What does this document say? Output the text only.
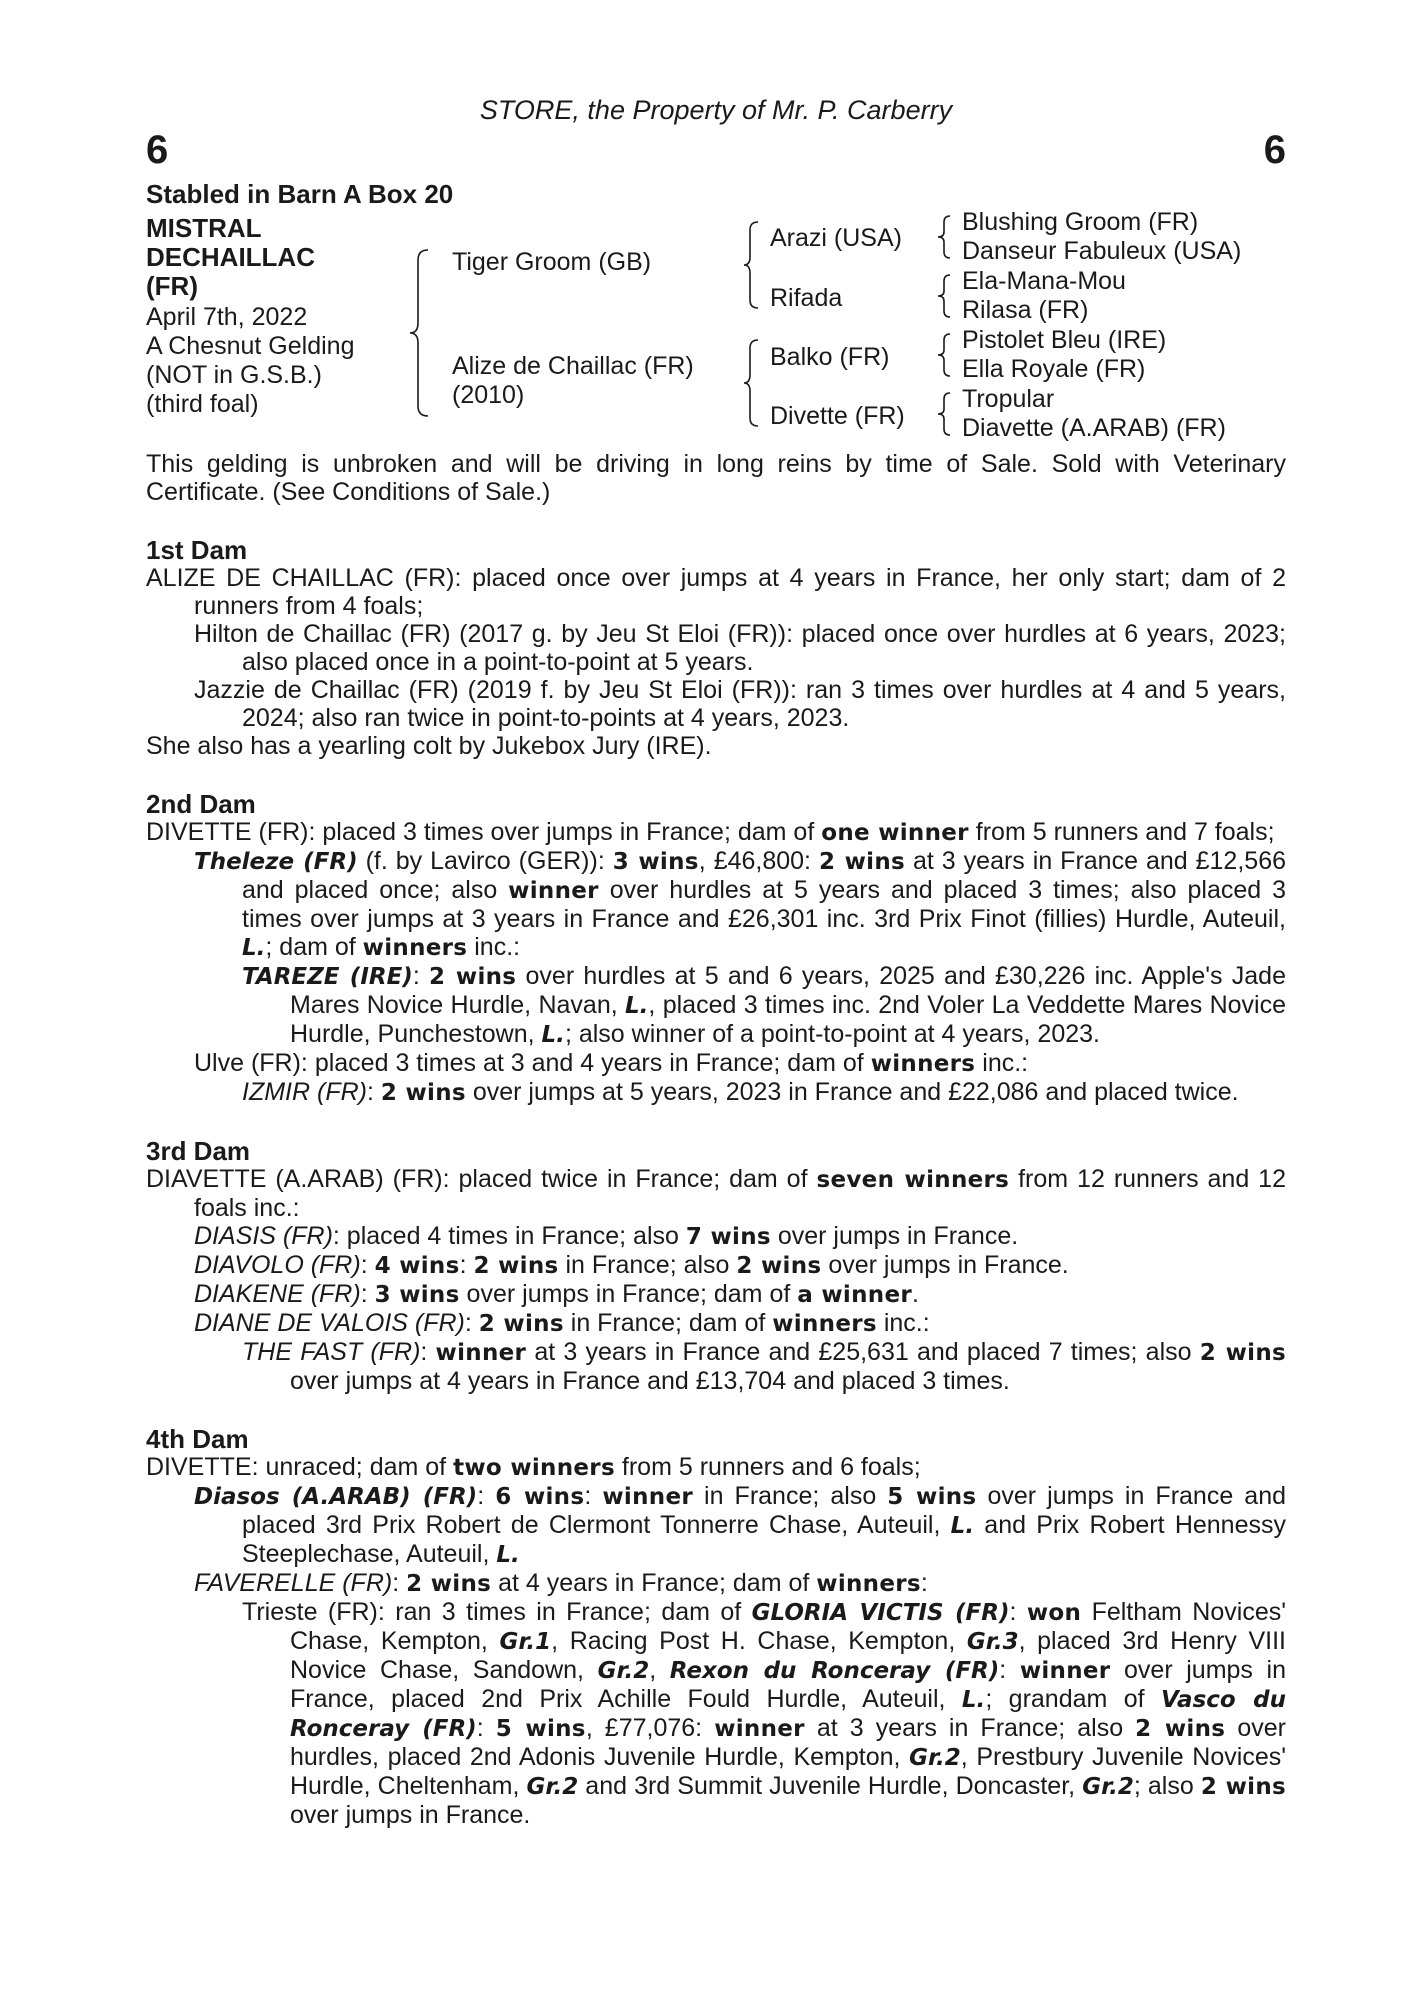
STORE, the Property of Mr. P. Carberry
6	6
Stabled in Barn A Box 20
MISTRAL
DECHAILLAC
(FR)
April 7th, 2022
A Chesnut Gelding
(NOT in G.S.B.)
(third foal)
Tiger Groom (GB)
Alize de Chaillac (FR)
(2010)
Arazi (USA)
Rifada
Balko (FR)
Divette (FR)
Blushing Groom (FR)
Danseur Fabuleux (USA)
Ela-Mana-Mou
Rilasa (FR)
Pistolet Bleu (IRE)
Ella Royale (FR)
Tropular
Diavette (A.ARAB) (FR)

This gelding is unbroken and will be driving in long reins by time of Sale. Sold with Veterinary Certificate. (See Conditions of Sale.)

1st Dam

ALIZE DE CHAILLAC (FR): placed once over jumps at 4 years in France, her only start; dam of 2 runners from 4 foals;

Hilton de Chaillac (FR) (2017 g. by Jeu St Eloi (FR)): placed once over hurdles at 6 years, 2023; also placed once in a point-to-point at 5 years.

Jazzie de Chaillac (FR) (2019 f. by Jeu St Eloi (FR)): ran 3 times over hurdles at 4 and 5 years, 2024; also ran twice in point-to-points at 4 years, 2023.

She also has a yearling colt by Jukebox Jury (IRE).

2nd Dam

DIVETTE (FR): placed 3 times over jumps in France; dam of one winner from 5 runners and 7 foals;

Theleze (FR) (f. by Lavirco (GER)): 3 wins, £46,800: 2 wins at 3 years in France and £12,566 and placed once; also winner over hurdles at 5 years and placed 3 times; also placed 3 times over jumps at 3 years in France and £26,301 inc. 3rd Prix Finot (fillies) Hurdle, Auteuil, L.; dam of winners inc.:

TAREZE (IRE): 2 wins over hurdles at 5 and 6 years, 2025 and £30,226 inc. Apple's Jade Mares Novice Hurdle, Navan, L., placed 3 times inc. 2nd Voler La Veddette Mares Novice Hurdle, Punchestown, L.; also winner of a point-to-point at 4 years, 2023.

Ulve (FR): placed 3 times at 3 and 4 years in France; dam of winners inc.:

IZMIR (FR): 2 wins over jumps at 5 years, 2023 in France and £22,086 and placed twice.

3rd Dam

DIAVETTE (A.ARAB) (FR): placed twice in France; dam of seven winners from 12 runners and 12 foals inc.:

DIASIS (FR): placed 4 times in France; also 7 wins over jumps in France.

DIAVOLO (FR): 4 wins: 2 wins in France; also 2 wins over jumps in France.

DIAKENE (FR): 3 wins over jumps in France; dam of a winner.

DIANE DE VALOIS (FR): 2 wins in France; dam of winners inc.:

THE FAST (FR): winner at 3 years in France and £25,631 and placed 7 times; also 2 wins over jumps at 4 years in France and £13,704 and placed 3 times.

4th Dam

DIVETTE: unraced; dam of two winners from 5 runners and 6 foals;

Diasos (A.ARAB) (FR): 6 wins: winner in France; also 5 wins over jumps in France and placed 3rd Prix Robert de Clermont Tonnerre Chase, Auteuil, L. and Prix Robert Hennessy Steeplechase, Auteuil, L.

FAVERELLE (FR): 2 wins at 4 years in France; dam of winners:

Trieste (FR): ran 3 times in France; dam of GLORIA VICTIS (FR): won Feltham Novices' Chase, Kempton, Gr.1, Racing Post H. Chase, Kempton, Gr.3, placed 3rd Henry VIII Novice Chase, Sandown, Gr.2, Rexon du Ronceray (FR): winner over jumps in France, placed 2nd Prix Achille Fould Hurdle, Auteuil, L.; grandam of Vasco du Ronceray (FR): 5 wins, £77,076: winner at 3 years in France; also 2 wins over hurdles, placed 2nd Adonis Juvenile Hurdle, Kempton, Gr.2, Prestbury Juvenile Novices' Hurdle, Cheltenham, Gr.2 and 3rd Summit Juvenile Hurdle, Doncaster, Gr.2; also 2 wins over jumps in France.
